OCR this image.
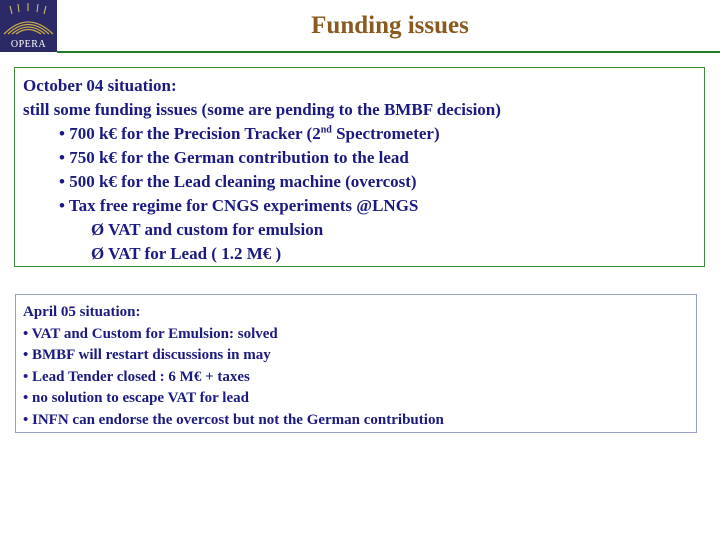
OPERA
Funding issues
October 04 situation:
still some funding issues (some are pending to the BMBF decision)
• 700 k€ for the Precision Tracker (2nd Spectrometer)
• 750 k€ for the German contribution to the lead
• 500 k€ for the Lead cleaning machine (overcost)
• Tax free regime for CNGS experiments @LNGS
Ø VAT and custom for emulsion
Ø VAT for Lead ( 1.2 M€ )
April 05 situation:
• VAT and Custom for Emulsion: solved
• BMBF will restart discussions in may
• Lead Tender closed : 6 M€ + taxes
• no solution to escape VAT for lead
• INFN can endorse the overcost but not the German contribution
